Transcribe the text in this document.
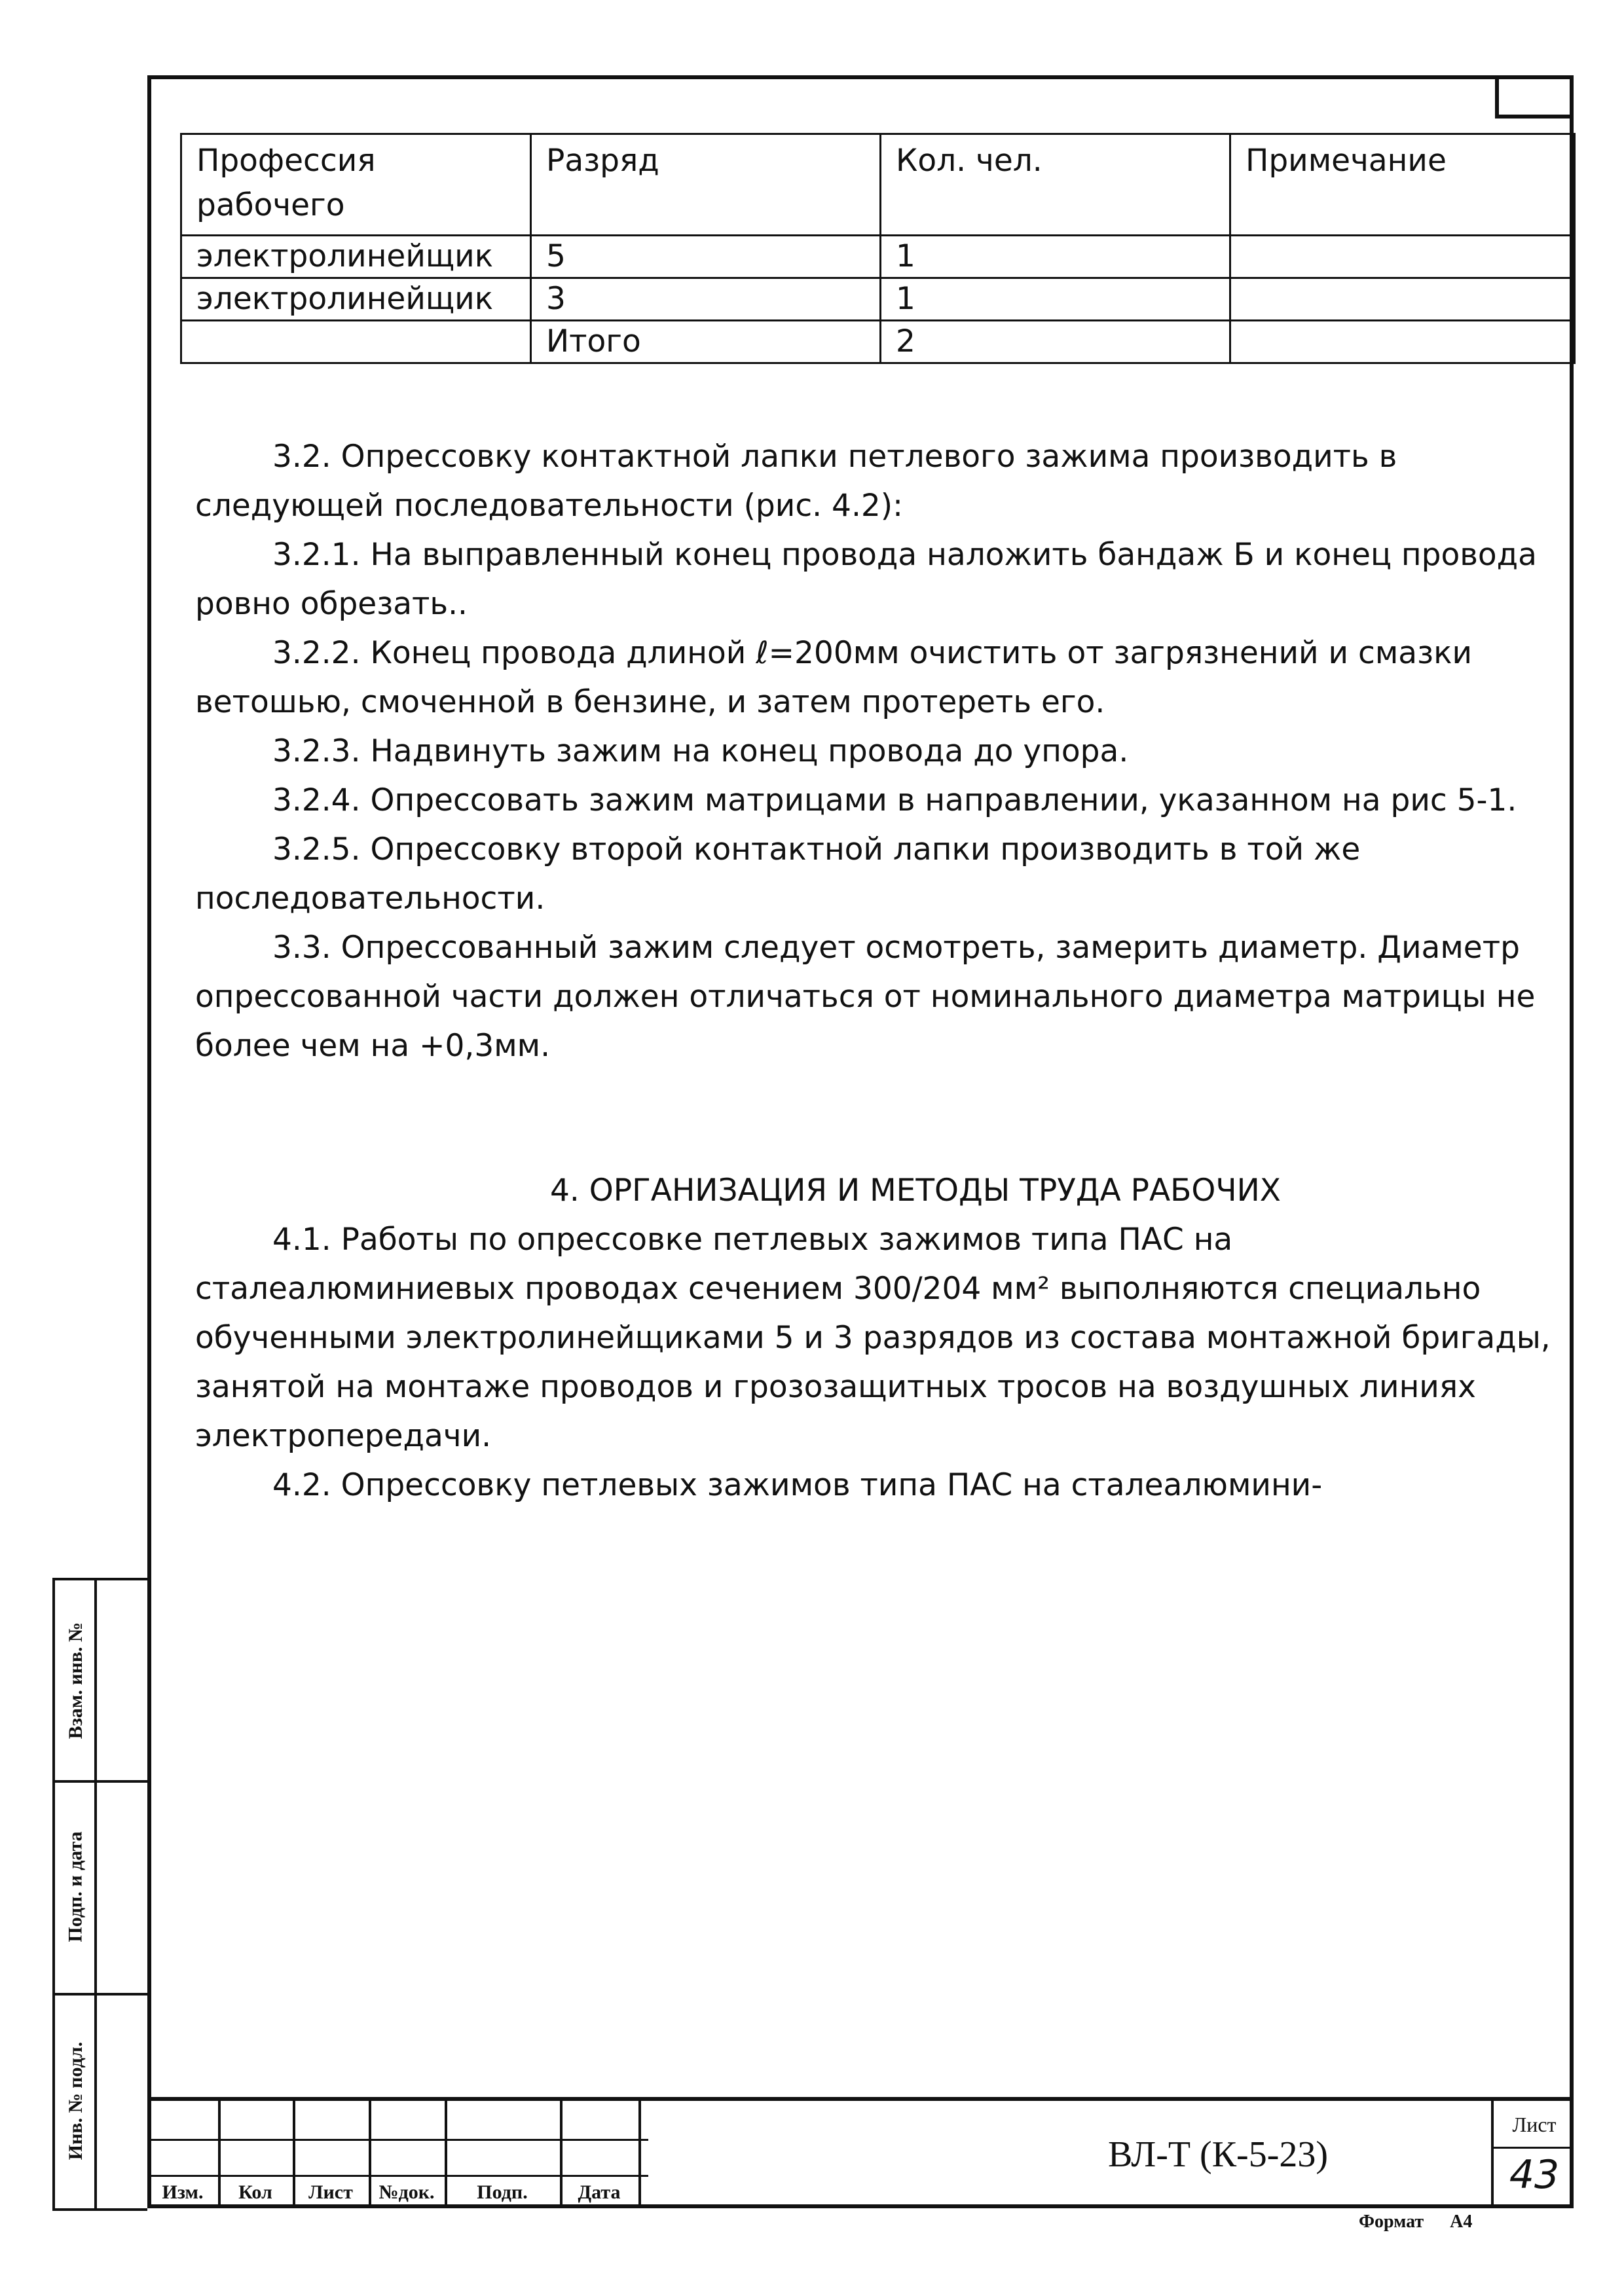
Профессия рабочего	Разряд	Кол. чел.	Примечание
электролинейщик	5	1	
электролинейщик	3	1	
	Итого	2	

3.2. Опрессовку контактной лапки петлевого зажима производить в следующей последовательности (рис. 4.2):

3.2.1. На выправленный конец провода наложить бандаж Б и конец провода ровно обрезать..

3.2.2. Конец провода длиной ℓ=200мм очистить от загрязнений и смазки ветошью, смоченной в бензине, и затем протереть его.

3.2.3. Надвинуть зажим на конец провода до упора.

3.2.4. Опрессовать зажим матрицами в направлении, указанном на рис 5-1.

3.2.5. Опрессовку второй контактной лапки производить в той же последовательности.

3.3. Опрессованный зажим следует осмотреть, замерить диаметр. Диаметр опрессованной части должен отличаться от номинального диаметра матрицы не более чем на +0,3мм.

4. ОРГАНИЗАЦИЯ И МЕТОДЫ ТРУДА РАБОЧИХ

4.1. Работы по опрессовке петлевых зажимов типа ПАС на сталеалюминиевых проводах сечением 300/204 мм² выполняются специально обученными электролинейщиками 5 и 3 разрядов из состава монтажной бригады, занятой на монтаже проводов и грозозащитных тросов на воздушных линиях электропередачи.

4.2. Опрессовку петлевых зажимов типа ПАС на сталеалюмини-

Взам. инв. №
Подп. и дата
Инв. № подл.
Изм.	Кол	Лист	№док.	Подп.	Дата
ВЛ-Т (К-5-23)
Лист
43
Формат А4
